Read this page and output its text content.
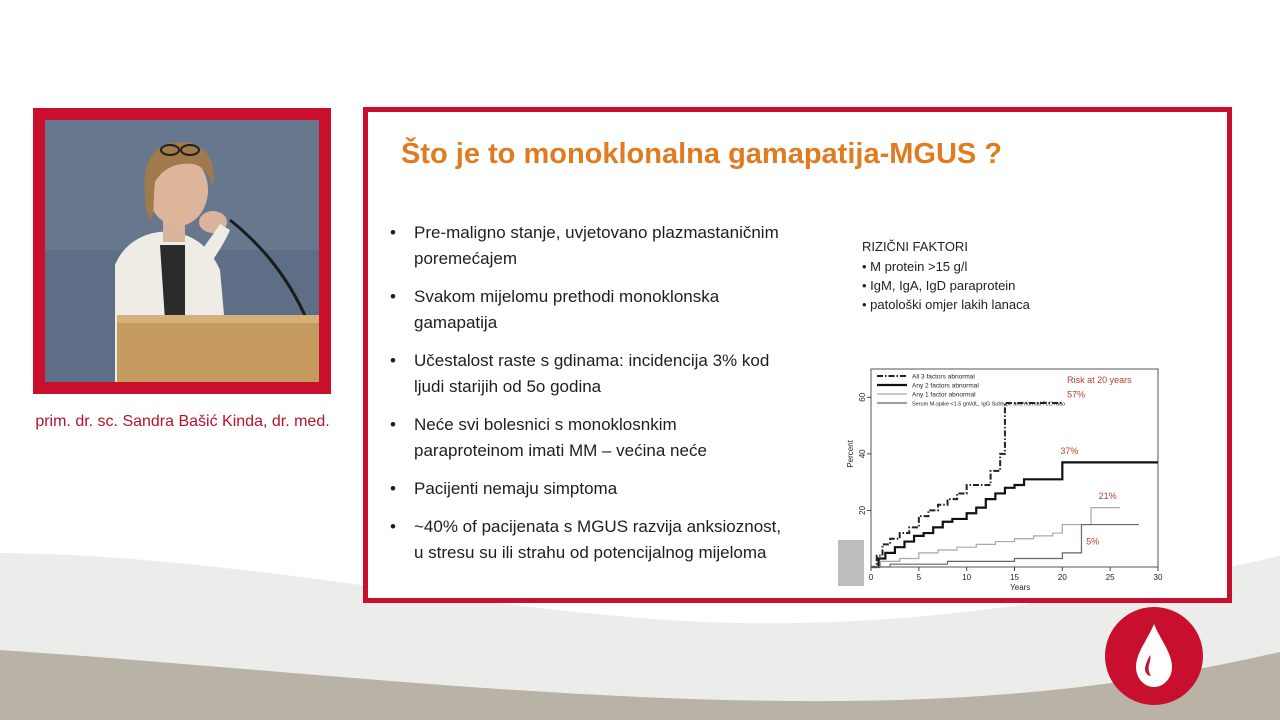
prim. dr. sc. Sandra Bašić Kinda, dr. med.
Što je to monoklonalna gamapatija-MGUS ?
• Pre-maligno stanje, uvjetovano plazmastaničnim
poremećajem
• Svakom mijelomu prethodi monoklonska
gamapatija
• Učestalost raste s gdinama: incidencija 3% kod
ljudi starijih od 5o godina
• Neće svi bolesnici s monoklosnkim
paraproteinom imati MM – većina neće
• Pacijenti nemaju simptoma
• ~40% of pacijenata s MGUS razvija anksioznost,
u stresu su ili strahu od potencijalnog mijeloma
RIZIČNI FAKTORI
• M protein >15 g/l
• IgM, IgA, IgD paraprotein
• patološki omjer lakih lanaca
0	5	10	15	20	25	30
20
40
60
Years
Percent
Risk at 20 years
All 3 factors abnormal
Any 2 factors abnormal
Any 1 factor abnormal
Serum M-spike <1.5 gm/dL, IgG Subtype and normal FLC ratio
57%
37%
21%
5%
